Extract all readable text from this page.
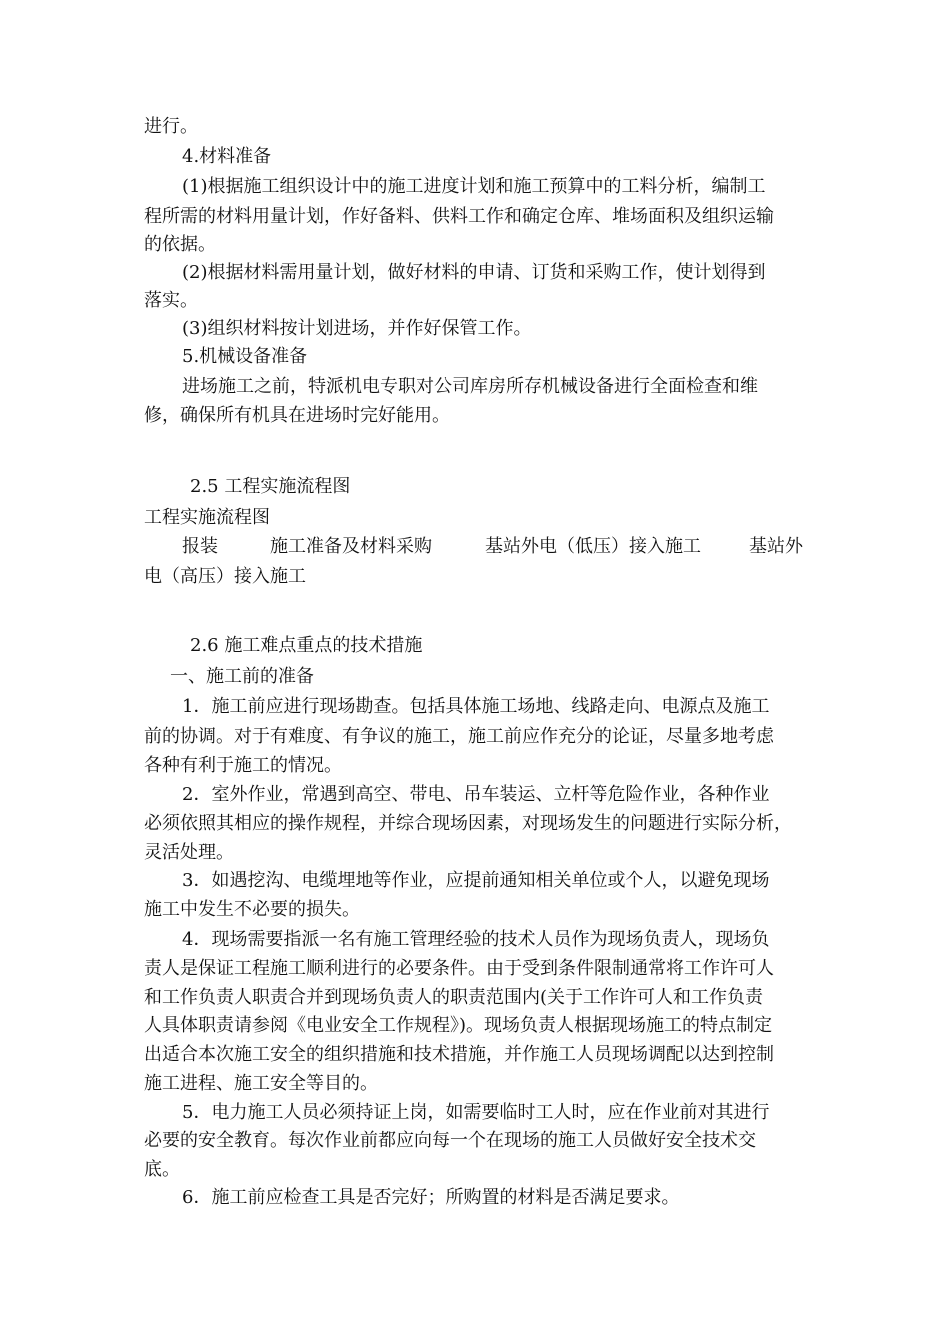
进行。
4.材料准备
(1)根据施工组织设计中的施工进度计划和施工预算中的工料分析，编制工
程所需的材料用量计划，作好备料、供料工作和确定仓库、堆场面积及组织运输
的依据。
(2)根据材料需用量计划，做好材料的申请、订货和采购工作，使计划得到
落实。
(3)组织材料按计划进场，并作好保管工作。
5.机械设备准备
进场施工之前，特派机电专职对公司库房所存机械设备进行全面检查和维
修，确保所有机具在进场时完好能用。
2.5 工程实施流程图
工程实施流程图
报装	施工准备及材料采购	基站外电（低压）接入施工	基站外
电（高压）接入施工
2.6 施工难点重点的技术措施
一、施工前的准备
1．施工前应进行现场勘查。包括具体施工场地、线路走向、电源点及施工
前的协调。对于有难度、有争议的施工，施工前应作充分的论证，尽量多地考虑
各种有利于施工的情况。
2．室外作业，常遇到高空、带电、吊车装运、立杆等危险作业，各种作业
必须依照其相应的操作规程，并综合现场因素，对现场发生的问题进行实际分析，
灵活处理。
3．如遇挖沟、电缆埋地等作业，应提前通知相关单位或个人，以避免现场
施工中发生不必要的损失。
4．现场需要指派一名有施工管理经验的技术人员作为现场负责人，现场负
责人是保证工程施工顺利进行的必要条件。由于受到条件限制通常将工作许可人
和工作负责人职责合并到现场负责人的职责范围内(关于工作许可人和工作负责
人具体职责请参阅《电业安全工作规程》)。现场负责人根据现场施工的特点制定
出适合本次施工安全的组织措施和技术措施，并作施工人员现场调配以达到控制
施工进程、施工安全等目的。
5．电力施工人员必须持证上岗，如需要临时工人时，应在作业前对其进行
必要的安全教育。每次作业前都应向每一个在现场的施工人员做好安全技术交
底。
6．施工前应检查工具是否完好；所购置的材料是否满足要求。
